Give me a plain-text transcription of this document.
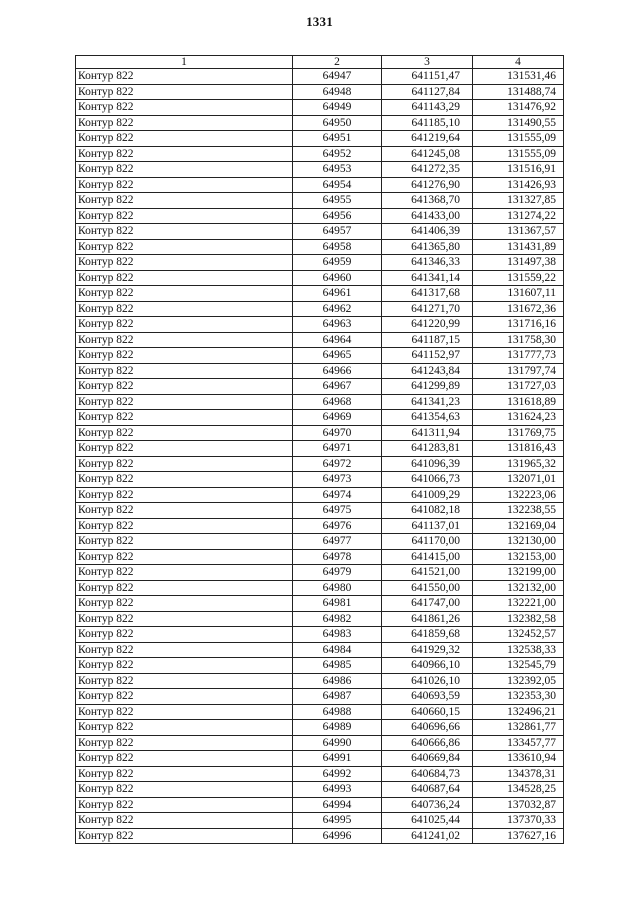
1331
1	2	3	4
Контур 822	64947	641151,47	131531,46
Контур 822	64948	641127,84	131488,74
Контур 822	64949	641143,29	131476,92
Контур 822	64950	641185,10	131490,55
Контур 822	64951	641219,64	131555,09
Контур 822	64952	641245,08	131555,09
Контур 822	64953	641272,35	131516,91
Контур 822	64954	641276,90	131426,93
Контур 822	64955	641368,70	131327,85
Контур 822	64956	641433,00	131274,22
Контур 822	64957	641406,39	131367,57
Контур 822	64958	641365,80	131431,89
Контур 822	64959	641346,33	131497,38
Контур 822	64960	641341,14	131559,22
Контур 822	64961	641317,68	131607,11
Контур 822	64962	641271,70	131672,36
Контур 822	64963	641220,99	131716,16
Контур 822	64964	641187,15	131758,30
Контур 822	64965	641152,97	131777,73
Контур 822	64966	641243,84	131797,74
Контур 822	64967	641299,89	131727,03
Контур 822	64968	641341,23	131618,89
Контур 822	64969	641354,63	131624,23
Контур 822	64970	641311,94	131769,75
Контур 822	64971	641283,81	131816,43
Контур 822	64972	641096,39	131965,32
Контур 822	64973	641066,73	132071,01
Контур 822	64974	641009,29	132223,06
Контур 822	64975	641082,18	132238,55
Контур 822	64976	641137,01	132169,04
Контур 822	64977	641170,00	132130,00
Контур 822	64978	641415,00	132153,00
Контур 822	64979	641521,00	132199,00
Контур 822	64980	641550,00	132132,00
Контур 822	64981	641747,00	132221,00
Контур 822	64982	641861,26	132382,58
Контур 822	64983	641859,68	132452,57
Контур 822	64984	641929,32	132538,33
Контур 822	64985	640966,10	132545,79
Контур 822	64986	641026,10	132392,05
Контур 822	64987	640693,59	132353,30
Контур 822	64988	640660,15	132496,21
Контур 822	64989	640696,66	132861,77
Контур 822	64990	640666,86	133457,77
Контур 822	64991	640669,84	133610,94
Контур 822	64992	640684,73	134378,31
Контур 822	64993	640687,64	134528,25
Контур 822	64994	640736,24	137032,87
Контур 822	64995	641025,44	137370,33
Контур 822	64996	641241,02	137627,16
